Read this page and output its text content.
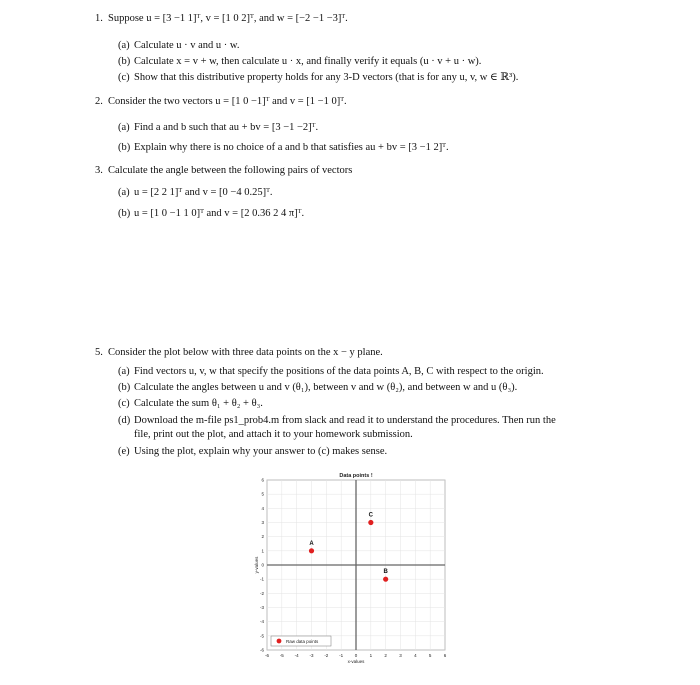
1. Suppose u = [3 −1 1]ᵀ, v = [1 0 2]ᵀ, and w = [−2 −1 −3]ᵀ.
(a) Calculate u · v and u · w.
(b) Calculate x = v + w, then calculate u · x, and finally verify it equals (u · v + u · w).
(c) Show that this distributive property holds for any 3-D vectors (that is for any u, v, w ∈ ℝ³).
2. Consider the two vectors u = [1 0 −1]ᵀ and v = [1 −1 0]ᵀ.
(a) Find a and b such that au + bv = [3 −1 −2]ᵀ.
(b) Explain why there is no choice of a and b that satisfies au + bv = [3 −1 2]ᵀ.
3. Calculate the angle between the following pairs of vectors
(a) u = [2 2 1]ᵀ and v = [0 −4 0.25]ᵀ.
(b) u = [1 0 −1 1 0]ᵀ and v = [2 0.36 2 4 π]ᵀ.
5. Consider the plot below with three data points on the x − y plane.
(a) Find vectors u, v, w that specify the positions of the data points A, B, C with respect to the origin.
(b) Calculate the angles between u and v (θ₁), between v and w (θ₂), and between w and u (θ₃).
(c) Calculate the sum θ₁ + θ₂ + θ₃.
(d) Download the m-file ps1_prob4.m from slack and read it to understand the procedures. Then run the
file, print out the plot, and attach it to your homework submission.
(e) Using the plot, explain why your answer to (c) makes sense.
Data points !
-6 -5 -4 -3 -2 -1	0	1	2	3	4	5	6
-6
-5
-4
-3
-2
-1
0
1
2
3
4
5
6
x-values
y-values
A
B
C
Raw data points
